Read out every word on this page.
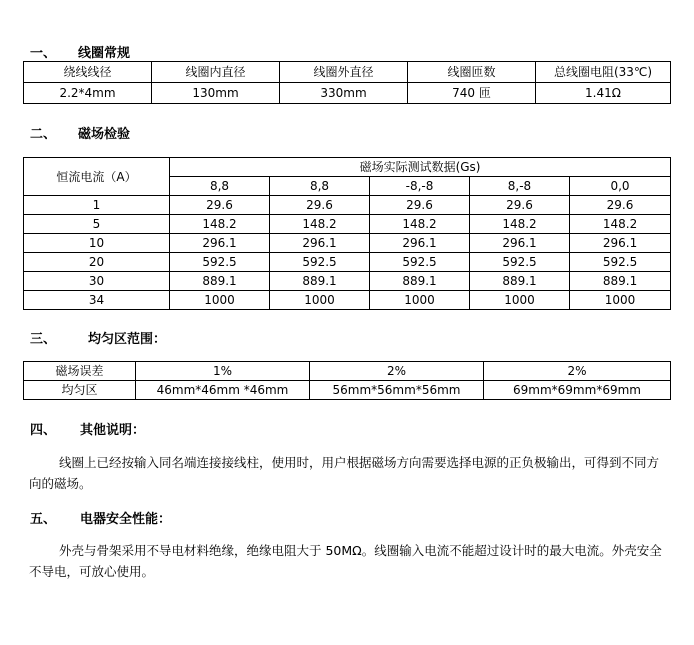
一、 线圈常规
绕线线径	线圈内直径	线圈外直径	线圈匝数	总线圈电阻(33℃)
2.2*4mm	130mm	330mm	740 匝	1.41Ω
二、 磁场检验
恒流电流（A）	磁场实际测试数据(Gs)				
	8,8	8,8	-8,-8	8,-8	0,0
1	29.6	29.6	29.6	29.6	29.6
5	148.2	148.2	148.2	148.2	148.2
10	296.1	296.1	296.1	296.1	296.1
20	592.5	592.5	592.5	592.5	592.5
30	889.1	889.1	889.1	889.1	889.1
34	1000	1000	1000	1000	1000
三、 均匀区范围：
磁场误差	1%	2%	2%
均匀区	46mm*46mm *46mm	56mm*56mm*56mm	69mm*69mm*69mm
四、 其他说明：
线圈上已经按输入同名端连接接线柱，使用时，用户根据磁场方向需要选择电源的正负极输出，可得到不同方向的磁场。
五、 电器安全性能：
外壳与骨架采用不导电材料绝缘，绝缘电阻大于 50MΩ。线圈输入电流不能超过设计时的最大电流。外壳安全不导电，可放心使用。
